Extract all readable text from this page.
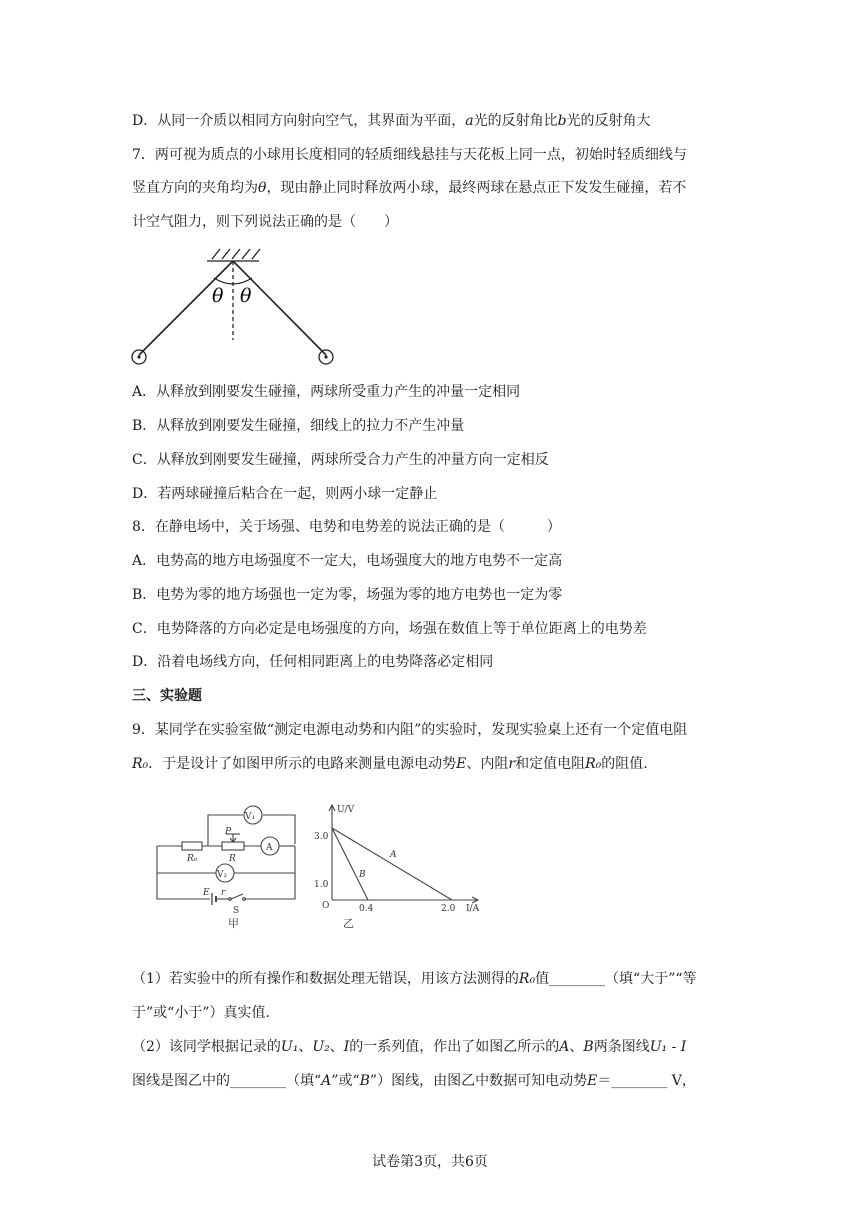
D．从同一介质以相同方向射向空气，其界面为平面，a光的反射角比b光的反射角大
7．两可视为质点的小球用长度相同的轻质细线悬挂与天花板上同一点，初始时轻质细线与
竖直方向的夹角均为θ，现由静止同时释放两小球，最终两球在悬点正下发发生碰撞，若不
计空气阻力，则下列说法正确的是（　　）
θ θ
A．从释放到刚要发生碰撞，两球所受重力产生的冲量一定相同
B．从释放到刚要发生碰撞，细线上的拉力不产生冲量
C．从释放到刚要发生碰撞，两球所受合力产生的冲量方向一定相反
D．若两球碰撞后粘合在一起，则两小球一定静止
8．在静电场中，关于场强、电势和电势差的说法正确的是（　　　）
A．电势高的地方电场强度不一定大，电场强度大的地方电势不一定高
B．电势为零的地方场强也一定为零，场强为零的地方电势也一定为零
C．电势降落的方向必定是电场强度的方向，场强在数值上等于单位距离上的电势差
D．沿着电场线方向，任何相同距离上的电势降落必定相同
三、实验题
9．某同学在实验室做“测定电源电动势和内阻”的实验时，发现实验桌上还有一个定值电阻
R₀．于是设计了如图甲所示的电路来测量电源电动势E、内阻r和定值电阻R₀的阻值.
V₁
V₂
A
P
R₀	R
E r
S
甲
U/V
I/A
O
3.0
1.0
0.4	2.0
A
B
乙
（1）若实验中的所有操作和数据处理无错误，用该方法测得的R₀值________（填“大于”“等
于”或“小于”）真实值.
（2）该同学根据记录的U₁、U₂、I的一系列值，作出了如图乙所示的A、B两条图线U₁ - I
图线是图乙中的________（填“A”或“B”）图线，由图乙中数据可知电动势E＝________ V，
试卷第3页，共6页
